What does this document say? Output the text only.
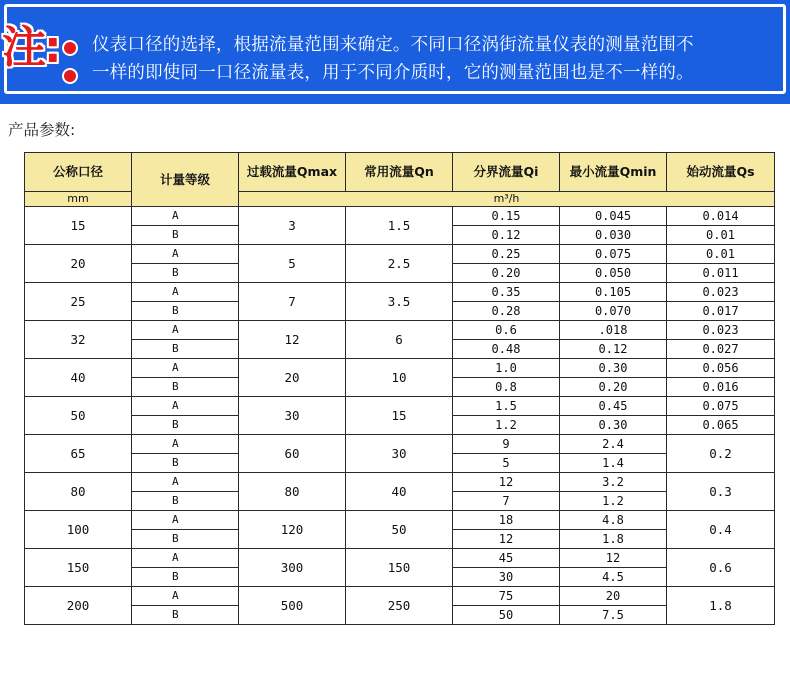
注: 仪表口径的选择，根据流量范围来确定。不同口径涡街流量仪表的测量范围不
一样的即使同一口径流量表，用于不同介质时，它的测量范围也是不一样的。
产品参数:
公称口径	计量等级	过载流量Qmax	常用流量Qn	分界流量Qi	最小流量Qmin	始动流量Qs
mm		m³/h				
15	A	3	1.5	0.15	0.045	0.014
	B			0.12	0.030	0.01
20	A	5	2.5	0.25	0.075	0.01
	B			0.20	0.050	0.011
25	A	7	3.5	0.35	0.105	0.023
	B			0.28	0.070	0.017
32	A	12	6	0.6	.018	0.023
	B			0.48	0.12	0.027
40	A	20	10	1.0	0.30	0.056
	B			0.8	0.20	0.016
50	A	30	15	1.5	0.45	0.075
	B			1.2	0.30	0.065
65	A	60	30	9	2.4	0.2
	B			5	1.4	
80	A	80	40	12	3.2	0.3
	B			7	1.2	
100	A	120	50	18	4.8	0.4
	B			12	1.8	
150	A	300	150	45	12	0.6
	B			30	4.5	
200	A	500	250	75	20	1.8
	B			50	7.5	
